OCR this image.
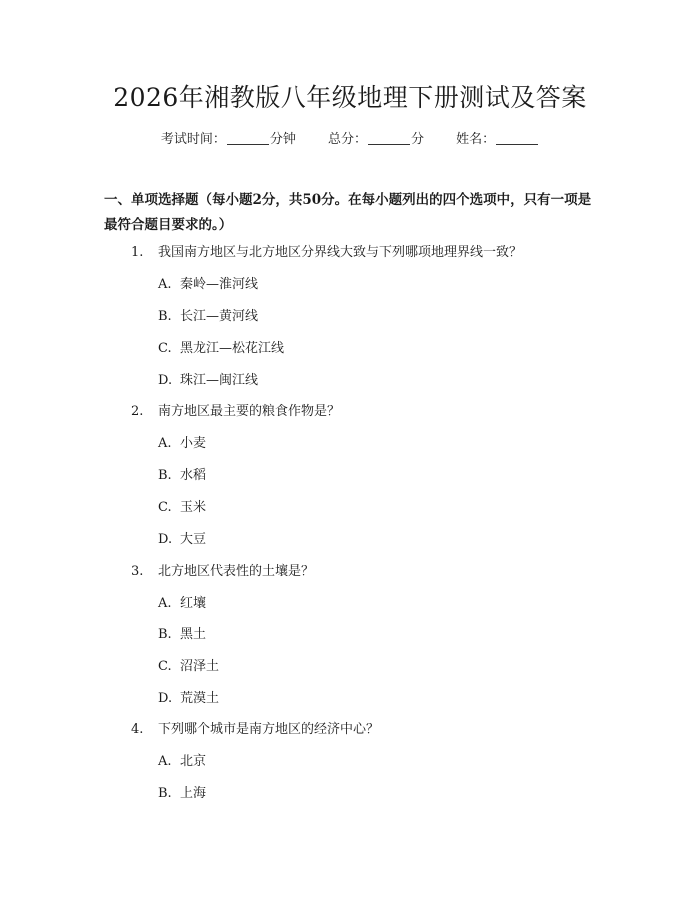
2026年湘教版八年级地理下册测试及答案
考试时间：	分钟 总分：	分 姓名：
一、单项选择题（每小题2分，共50分。在每小题列出的四个选项中，只有一项是最符合题目要求的。）
1. 我国南方地区与北方地区分界线大致与下列哪项地理界线一致？
A. 秦岭—淮河线
B. 长江—黄河线
C. 黑龙江—松花江线
D. 珠江—闽江线
2. 南方地区最主要的粮食作物是？
A. 小麦
B. 水稻
C. 玉米
D. 大豆
3. 北方地区代表性的土壤是？
A. 红壤
B. 黑土
C. 沼泽土
D. 荒漠土
4. 下列哪个城市是南方地区的经济中心？
A. 北京
B. 上海
